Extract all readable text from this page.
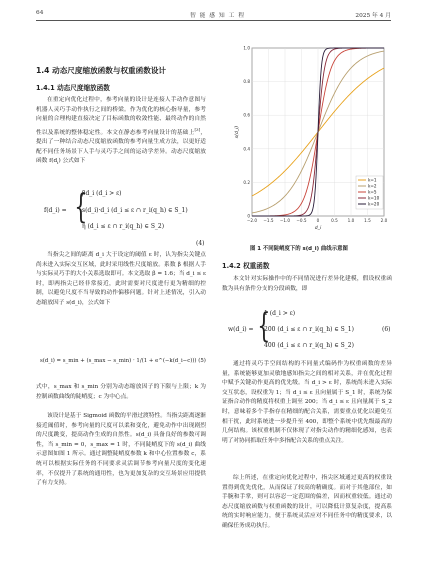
64	智 能 感 知 工 程	2025 年 4 月
1.4 动态尺度缩放函数与权重函数设计
1.4.1 动态尺度缩放函数

在重定向优化过程中，参考向量的设计是连接人手动作意图与机器人灵巧手动作执行之间的桥梁。作为优化的核心指导量，参考向量的合理构建直接决定了目标函数的收敛性能、最终动作的自然性以及系统的整体稳定性。本文在静态参考向量设计的基础上[3]，提出了一种结合动态尺度缩放函数的参考向量生成方法，以更好适配不同任务场景下人手与灵巧手之间的运动学差异。动态尺度缩放函数 $f(d_i)$ 公式如下

f(d_i) = {
βd_i (d_i > ε)
s(d_i)·d_i (d_i ≤ ε ∩ r_i(q_h) ∈ S_1)
η (d_i ≤ ε ∩ r_i(q_h) ∈ S_2)
(4)

当指尖之间的距离 d_i 大于设定的阈值 ε 时，认为指尖关键点尚未进入实际交互区域，此时采用线性尺度缩放。系数 β 根据人手与实际灵巧手的大小关系选取即可。本文选取 β = 1.6；当 d_i ≤ ε 时，即两指尖已经非常接近，此时需要对尺度进行更为精细的控制，以避免尺度不当导致的动作偏移问题。针对上述情况，引入动态缩放因子 s(d_i)，公式如下

s(d_i) = s_min + (s_max − s_min) · 1/(1 + e^(−k(d_i−c))) (5)

式中，s_max 和 s_min 分别为动态缩放因子的下限与上限；k 为控制函数曲线的陡峭度；c 为中心点。

该设计是基于 Sigmoid 函数的平滑过渡特性。当指尖距离逐渐接近阈值时，参考向量的尺度可以柔和变化，避免动作中出现剧烈的尺度跳变，提高动作生成的自然性。s(d_i) 具备良好的参数可调性，当 s_min = 0，s_max = 1 时，不同陡峭度下的 s(d_i) 曲线示意图如图 1 所示。通过调整陡峭度参数 k 和中心位置参数 c，系统可以根据实际任务的不同要求灵活调节参考向量尺度的变化速率，不仅提升了系统的通用性，也为更加复杂的交互场景应用提供了有力支持。

−2.0 −1.5 −1.0 −0.5 0	0.5 1.0 1.5 2.0
0
0.2
0.4
0.6
0.8
1.0
d_i
s(d_i)
k=1
k=2
k=5
k=10
k=20
图 1 不同陡峭度下的 s(d_i) 曲线示意图
1.4.2 权重函数

本文针对实际操作中的不同情况进行差异化建模，假设权重函数为具有条件分支的分段函数，即

w(d_i) = {
1 (d_i > ε)
200 (d_i ≤ ε ∩ r_i(q_h) ∈ S_1)
400 (d_i ≤ ε ∩ r_i(q_h) ∈ S_2)
(6)

通过将灵巧手空间结构的不同量式编码作为权重函数的差异量，系统能够更加灵敏地感知指尖之间的相对关系，并在优化过程中赋予关键动作更高的优先级。当 d_i > ε 时，系统尚未进入实际交互状态，设权重为 1；当 d_i ≤ ε 且向量属于 S_1 时，系统为保证指合动作的精度将权重上调至 200；当 d_i ≤ ε 且向量属于 S_2 时，意味着多个手指存在精细的配合关系，需要重点优化以避免互相干扰，此时系统进一步提升至 400，即整个系统中优先级最高的几何结构。该权重机制不仅体现了对指尖动作的精细化感知，也表明了对协同抓取任务中多指配合关系的重点关注。

综上所述，在重定向优化过程中，指尖区域通过更高的权重设置得到优先优化，从而保证了较高的精确度。而对于其他部位，如手腕和手掌，则可以容忍一定范围的偏差，因而权重较低。通过动态尺度缩放函数与权重函数的设计，可以降低计算复杂度，提高系统的实时响应能力，便于系统灵活应对不同任务中的精度要求，以确保任务成功执行。
